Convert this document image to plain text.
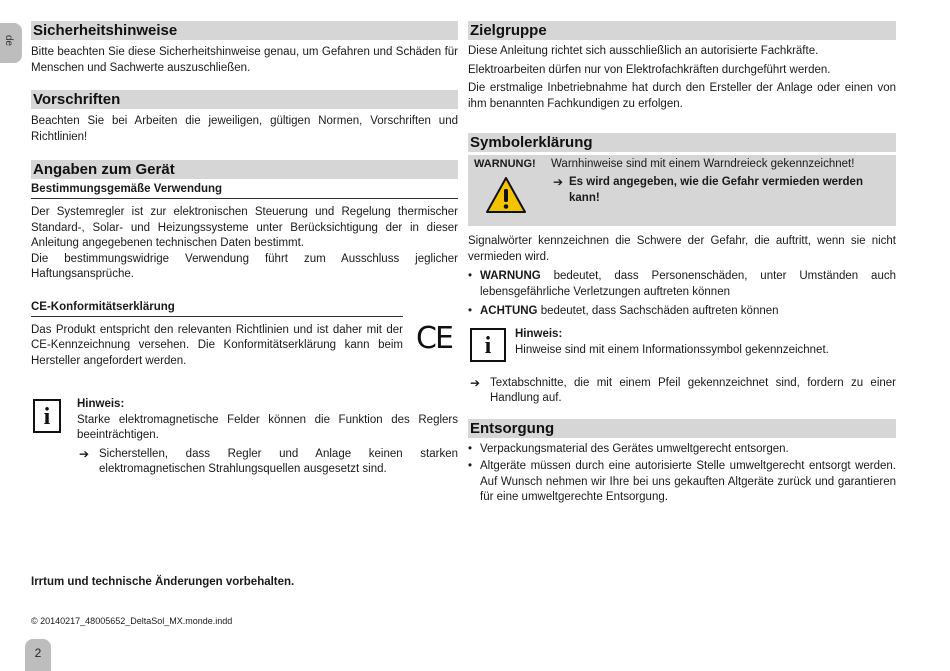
de
Sicherheitshinweise

Bitte beachten Sie diese Sicherheitshinweise genau, um Gefahren und Schäden für Menschen und Sachwerte auszuschließen.

Vorschriften

Beachten Sie bei Arbeiten die jeweiligen, gültigen Normen, Vorschriften und Richtlinien!

Angaben zum Gerät
Bestimmungsgemäße Verwendung

Der Systemregler ist zur elektronischen Steuerung und Regelung thermischer Standard-, Solar- und Heizungssysteme unter Berücksichtigung der in dieser Anleitung angegebenen technischen Daten bestimmt.

Die bestimmungswidrige Verwendung führt zum Ausschluss jeglicher Haftungsansprüche.

CE-Konformitätserklärung

Das Produkt entspricht den relevanten Richtlinien und ist daher mit der CE-Kennzeichnung versehen. Die Konformitätserklärung kann beim Hersteller angefordert werden.

CE
i	Hinweis:

Starke elektromagnetische Felder können die Funktion des Reglers beeinträchtigen.

➔ Sicherstellen, dass Regler und Anlage keinen starken elektromagnetischen Strahlungsquellen ausgesetzt sind.

Irrtum und technische Änderungen vorbehalten.
© 20140217_48005652_DeltaSol_MX.monde.indd
2
Zielgruppe

Diese Anleitung richtet sich ausschließlich an autorisierte Fachkräfte.

Elektroarbeiten dürfen nur von Elektrofachkräften durchgeführt werden.

Die erstmalige Inbetriebnahme hat durch den Ersteller der Anlage oder einen von ihm benannten Fachkundigen zu erfolgen.

Symbolerklärung
WARNUNG! Warnhinweise sind mit einem Warndreieck gekennzeichnet!
➔ Es wird angegeben, wie die Gefahr vermieden werden kann!

Signalwörter kennzeichnen die Schwere der Gefahr, die auftritt, wenn sie nicht vermieden wird.

• WARNUNG bedeutet, dass Personenschäden, unter Umständen auch lebensgefährliche Verletzungen auftreten können
• ACHTUNG bedeutet, dass Sachschäden auftreten können
i	Hinweis:
Hinweise sind mit einem Informationssymbol gekennzeichnet.
➔ Textabschnitte, die mit einem Pfeil gekennzeichnet sind, fordern zu einer Handlung auf.

Entsorgung
• Verpackungsmaterial des Gerätes umweltgerecht entsorgen.
• Altgeräte müssen durch eine autorisierte Stelle umweltgerecht entsorgt werden. Auf Wunsch nehmen wir Ihre bei uns gekauften Altgeräte zurück und garantieren für eine umweltgerechte Entsorgung.
